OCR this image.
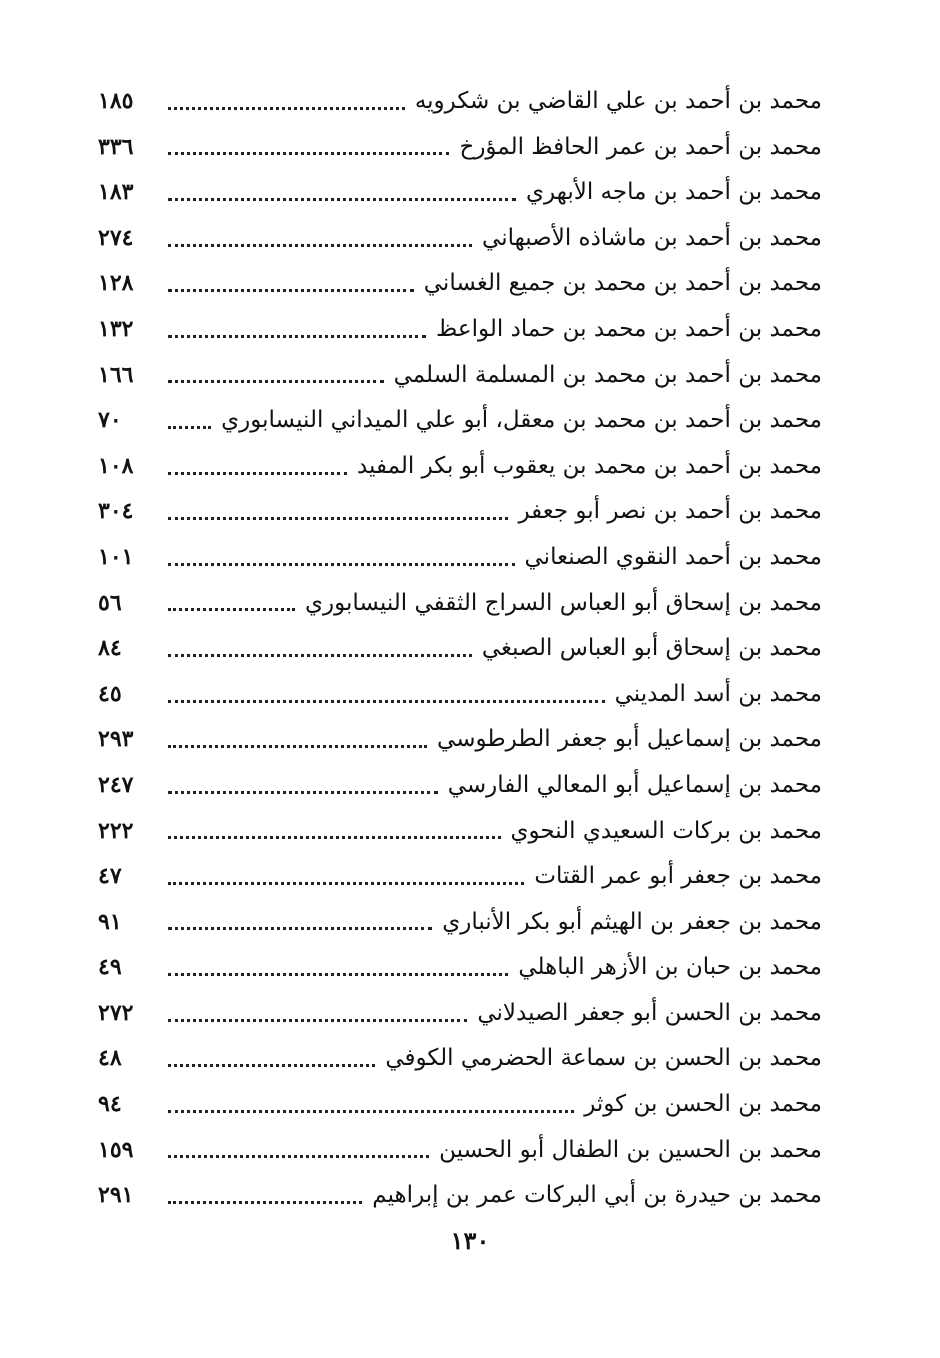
محمد بن أحمد بن علي القاضي بن شكرويه
١٨٥
محمد بن أحمد بن عمر الحافظ المؤرخ
٣٣٦
محمد بن أحمد بن ماجه الأبهري
١٨٣
محمد بن أحمد بن ماشاذه الأصبهاني
٢٧٤
محمد بن أحمد بن محمد بن جميع الغساني
١٢٨
محمد بن أحمد بن محمد بن حماد الواعظ
١٣٢
محمد بن أحمد بن محمد بن المسلمة السلمي
١٦٦
محمد بن أحمد بن محمد بن معقل، أبو علي الميداني النيسابوري
٧٠
محمد بن أحمد بن محمد بن يعقوب أبو بكر المفيد
١٠٨
محمد بن أحمد بن نصر أبو جعفر
٣٠٤
محمد بن أحمد النقوي الصنعاني
١٠١
محمد بن إسحاق أبو العباس السراج الثقفي النيسابوري
٥٦
محمد بن إسحاق أبو العباس الصبغي
٨٤
محمد بن أسد المديني
٤٥
محمد بن إسماعيل أبو جعفر الطرطوسي
٢٩٣
محمد بن إسماعيل أبو المعالي الفارسي
٢٤٧
محمد بن بركات السعيدي النحوي
٢٢٢
محمد بن جعفر أبو عمر القتات
٤٧
محمد بن جعفر بن الهيثم أبو بكر الأنباري
٩١
محمد بن حبان بن الأزهر الباهلي
٤٩
محمد بن الحسن أبو جعفر الصيدلاني
٢٧٢
محمد بن الحسن بن سماعة الحضرمي الكوفي
٤٨
محمد بن الحسن بن كوثر
٩٤
محمد بن الحسين بن الطفال أبو الحسين
١٥٩
محمد بن حيدرة بن أبي البركات عمر بن إبراهيم
٢٩١
١٣٠
